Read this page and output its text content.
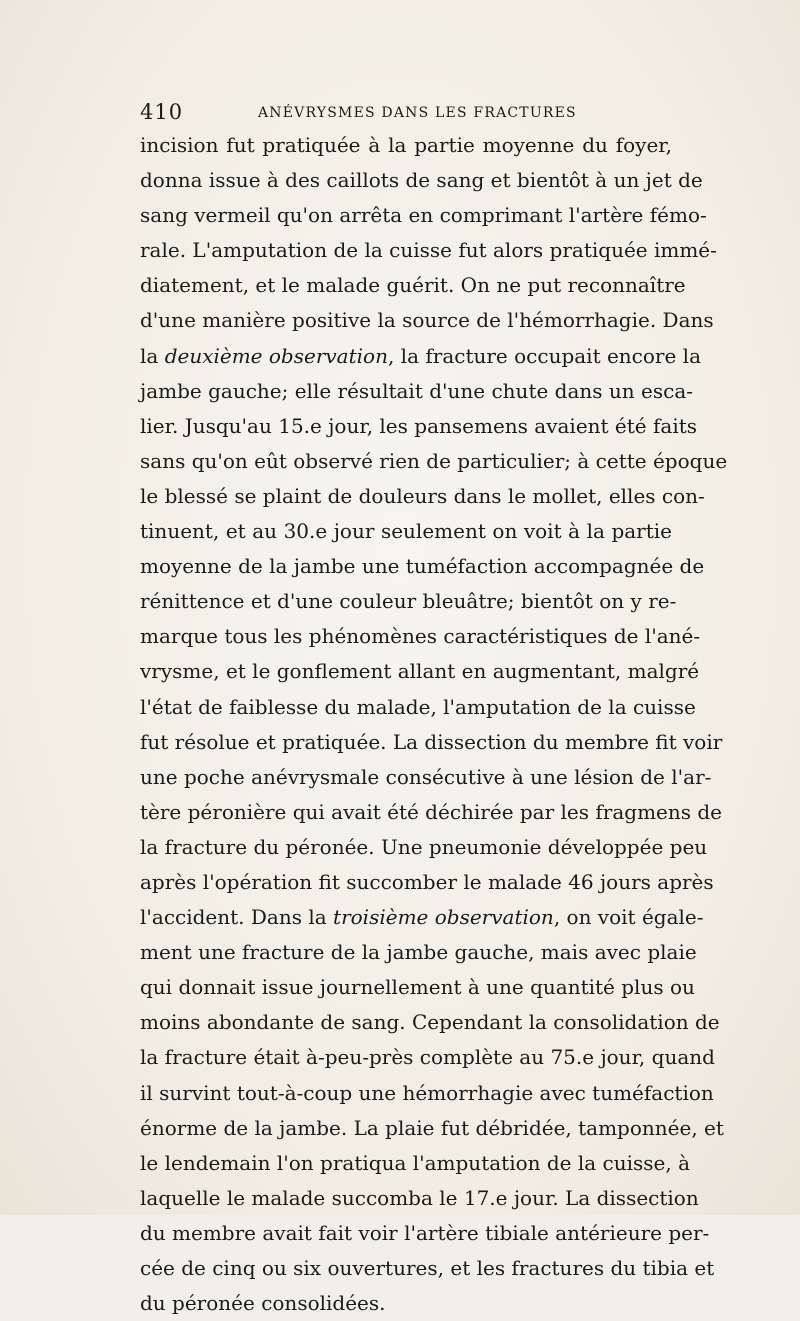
410	ANÉVRYSMES DANS LES FRACTURES
incision fut pratiquée à la partie moyenne du foyer,
donna issue à des caillots de sang et bientôt à un jet de
sang vermeil qu'on arrêta en comprimant l'artère fémo-
rale. L'amputation de la cuisse fut alors pratiquée immé-
diatement, et le malade guérit. On ne put reconnaître
d'une manière positive la source de l'hémorrhagie. Dans
la deuxième observation, la fracture occupait encore la
jambe gauche; elle résultait d'une chute dans un esca-
lier. Jusqu'au 15.e jour, les pansemens avaient été faits
sans qu'on eût observé rien de particulier; à cette époque
le blessé se plaint de douleurs dans le mollet, elles con-
tinuent, et au 30.e jour seulement on voit à la partie
moyenne de la jambe une tuméfaction accompagnée de
rénittence et d'une couleur bleuâtre; bientôt on y re-
marque tous les phénomènes caractéristiques de l'ané-
vrysme, et le gonflement allant en augmentant, malgré
l'état de faiblesse du malade, l'amputation de la cuisse
fut résolue et pratiquée. La dissection du membre fit voir
une poche anévrysmale consécutive à une lésion de l'ar-
tère péronière qui avait été déchirée par les fragmens de
la fracture du péronée. Une pneumonie développée peu
après l'opération fit succomber le malade 46 jours après
l'accident. Dans la troisième observation, on voit égale-
ment une fracture de la jambe gauche, mais avec plaie
qui donnait issue journellement à une quantité plus ou
moins abondante de sang. Cependant la consolidation de
la fracture était à-peu-près complète au 75.e jour, quand
il survint tout-à-coup une hémorrhagie avec tuméfaction
énorme de la jambe. La plaie fut débridée, tamponnée, et
le lendemain l'on pratiqua l'amputation de la cuisse, à
laquelle le malade succomba le 17.e jour. La dissection
du membre avait fait voir l'artère tibiale antérieure per-
cée de cinq ou six ouvertures, et les fractures du tibia et
du péronée consolidées.
